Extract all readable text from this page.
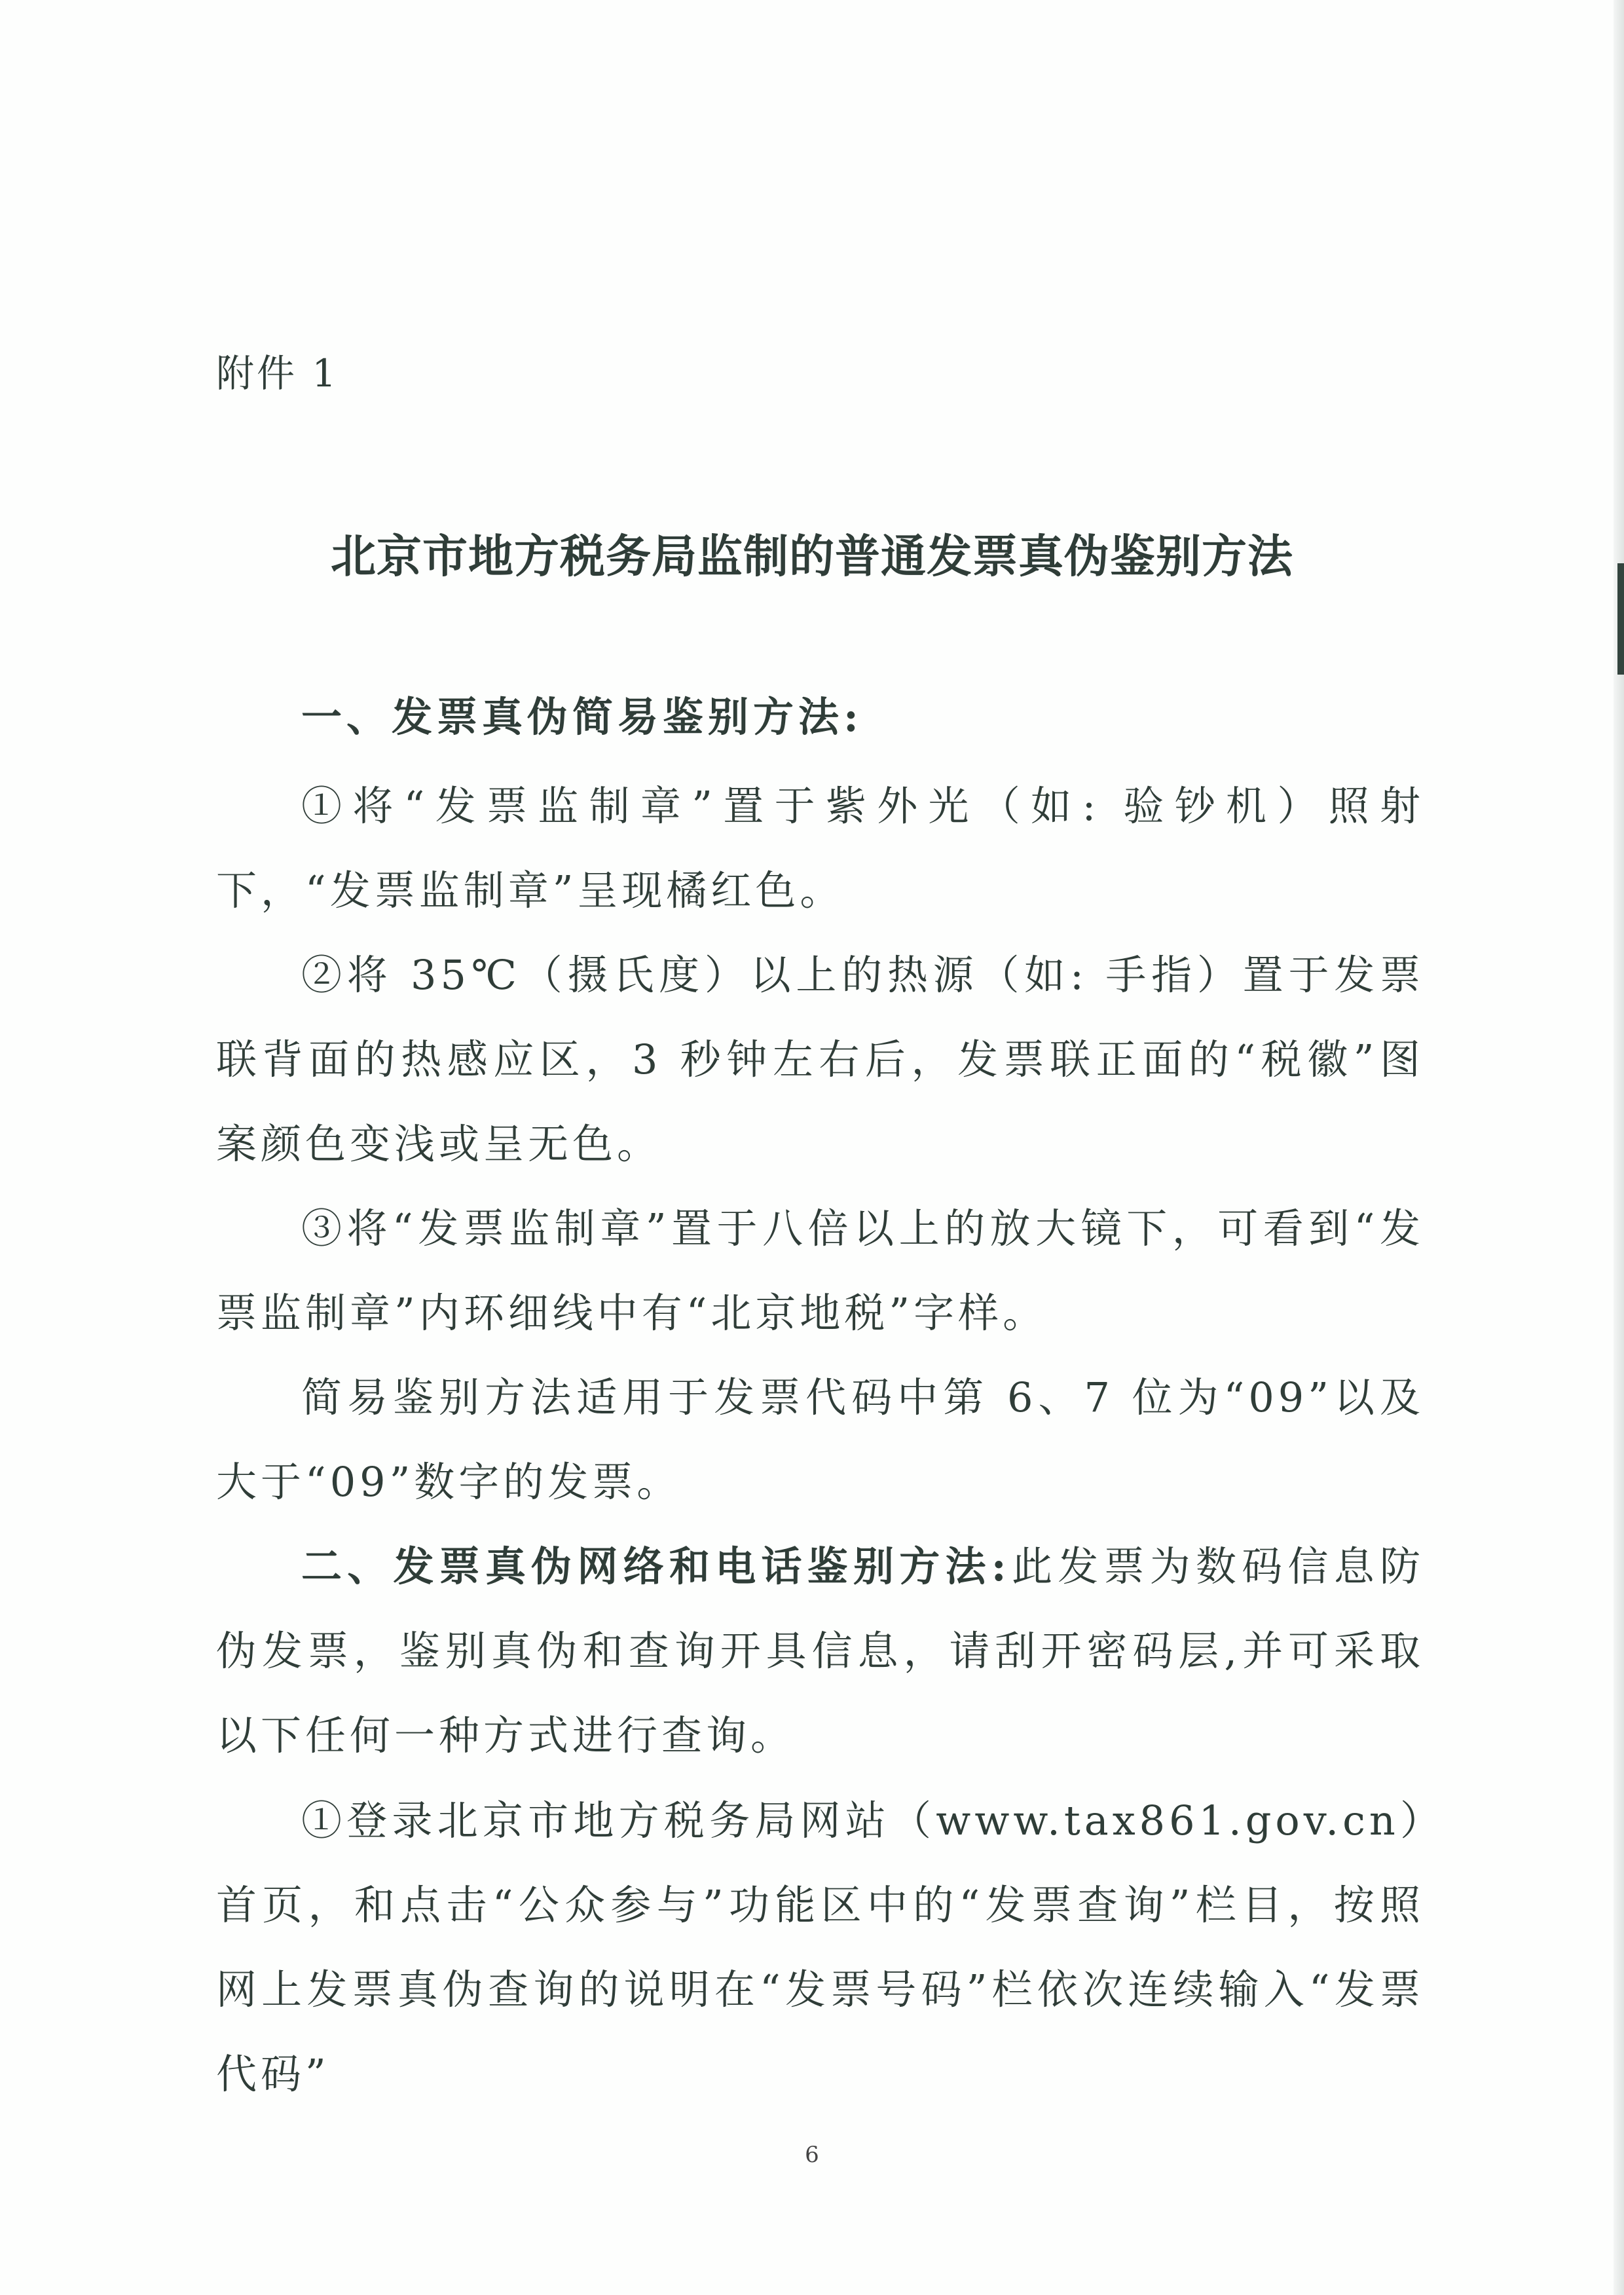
附件 1

北京市地方税务局监制的普通发票真伪鉴别方法
一、发票真伪简易鉴别方法:

①将“发票监制章”置于紫外光（如: 验钞机）照射下，“发票监制章”呈现橘红色。

②将 35℃（摄氏度）以上的热源（如: 手指）置于发票联背面的热感应区，3 秒钟左右后，发票联正面的“税徽”图案颜色变浅或呈无色。

③将“发票监制章”置于八倍以上的放大镜下，可看到“发票监制章”内环细线中有“北京地税”字样。

简易鉴别方法适用于发票代码中第 6、7 位为“09”以及大于“09”数字的发票。

二、发票真伪网络和电话鉴别方法:此发票为数码信息防伪发票，鉴别真伪和查询开具信息，请刮开密码层,并可采取以下任何一种方式进行查询。

①登录北京市地方税务局网站（www.tax861.gov.cn）首页，和点击“公众参与”功能区中的“发票查询”栏目，按照网上发票真伪查询的说明在“发票号码”栏依次连续输入“发票代码”

6
